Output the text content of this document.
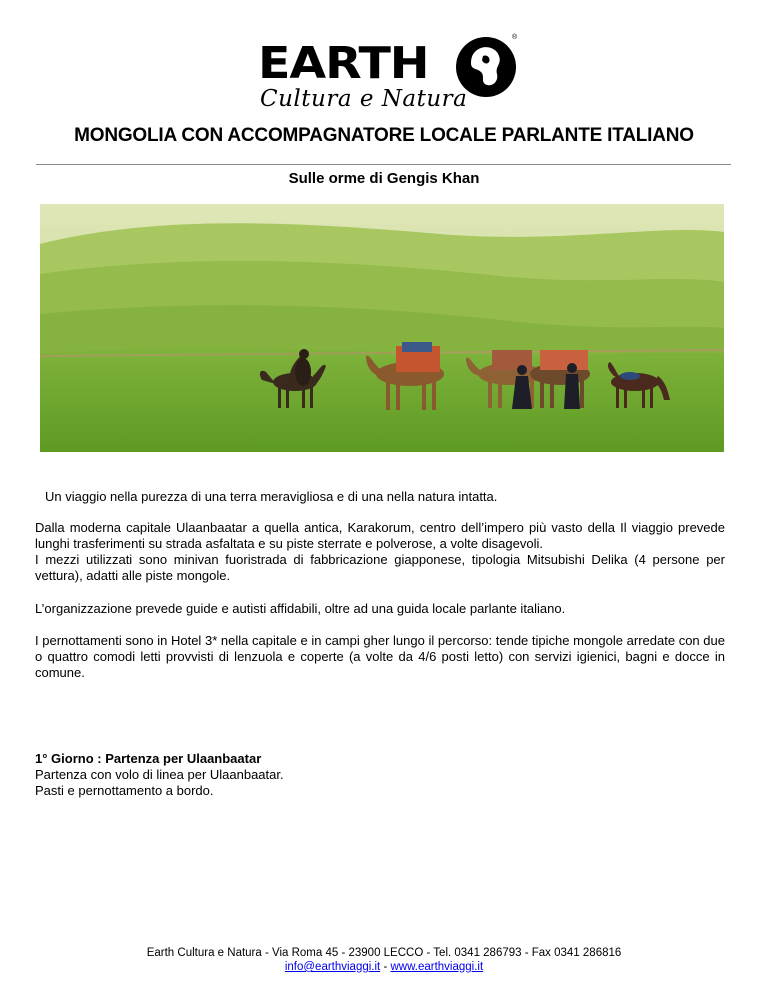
EARTH
®
Cultura e Natura
MONGOLIA CON ACCOMPAGNATORE LOCALE PARLANTE ITALIANO
Sulle orme di Gengis Khan
Un viaggio nella purezza di una terra meravigliosa e di una nella natura intatta.
Dalla moderna capitale Ulaanbaatar a quella antica, Karakorum, centro dell’impero più vasto della Il viaggio prevede lunghi trasferimenti su strada asfaltata e su piste sterrate e polverose, a volte disagevoli.
I mezzi utilizzati sono minivan fuoristrada di fabbricazione giapponese, tipologia Mitsubishi Delika (4 persone per vettura), adatti alle piste mongole.
L’organizzazione prevede guide e autisti affidabili, oltre ad una guida locale parlante italiano.
I pernottamenti sono in Hotel 3* nella capitale e in campi gher lungo il percorso: tende tipiche mongole arredate con due o quattro comodi letti provvisti di lenzuola e coperte (a volte da 4/6 posti letto) con servizi igienici, bagni e docce in comune.
1° Giorno : Partenza per Ulaanbaatar
Partenza con volo di linea per Ulaanbaatar.
Pasti e pernottamento a bordo.
Earth Cultura e Natura - Via Roma 45 - 23900 LECCO - Tel. 0341 286793 - Fax 0341 286816
info@earthviaggi.it - www.earthviaggi.it
